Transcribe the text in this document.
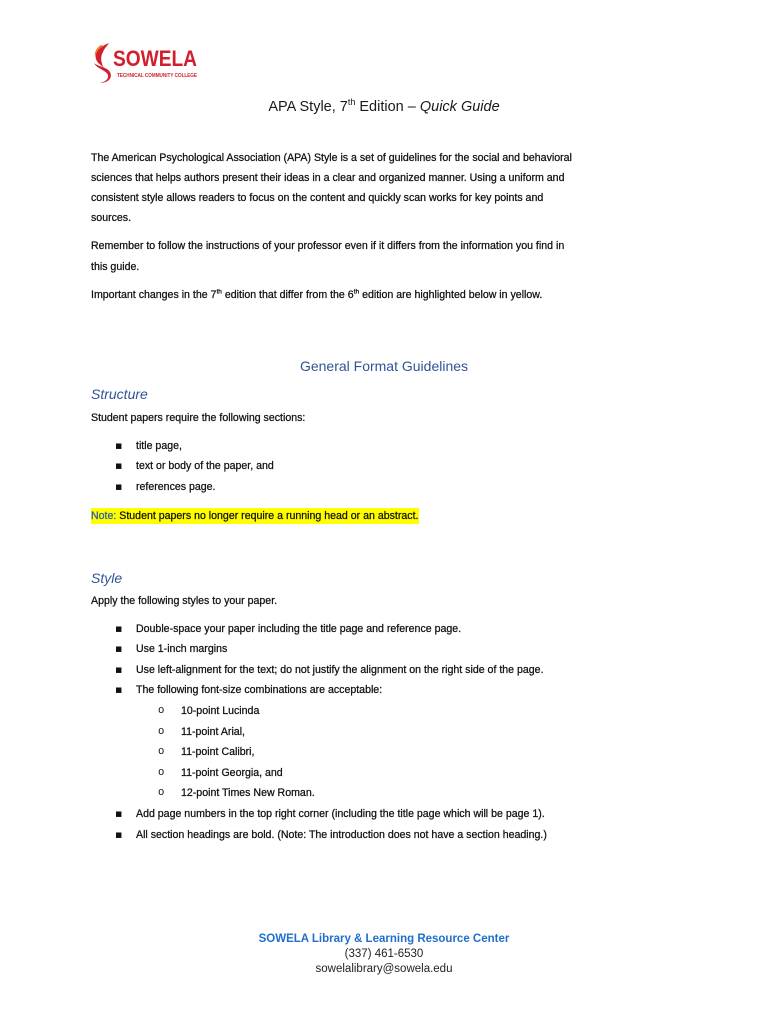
SOWELA
TECHNICAL COMMUNITY COLLEGE
APA Style, 7th Edition – Quick Guide
The American Psychological Association (APA) Style is a set of guidelines for the social and behavioral
sciences that helps authors present their ideas in a clear and organized manner. Using a uniform and
consistent style allows readers to focus on the content and quickly scan works for key points and
sources.
Remember to follow the instructions of your professor even if it differs from the information you find in
this guide.
Important changes in the 7th edition that differ from the 6th edition are highlighted below in yellow.
General Format Guidelines
Structure
Student papers require the following sections:
▪ title page,
▪ text or body of the paper, and
▪ references page.
Note: Student papers no longer require a running head or an abstract.
Style
Apply the following styles to your paper.
▪ Double-space your paper including the title page and reference page.
▪ Use 1-inch margins
▪ Use left-alignment for the text; do not justify the alignment on the right side of the page.
▪ The following font-size combinations are acceptable:
o 10-point Lucinda
o 11-point Arial,
o 11-point Calibri,
o 11-point Georgia, and
o 12-point Times New Roman.
▪ Add page numbers in the top right corner (including the title page which will be page 1).
▪ All section headings are bold. (Note: The introduction does not have a section heading.)
SOWELA Library & Learning Resource Center
(337) 461-6530
sowelalibrary@sowela.edu
